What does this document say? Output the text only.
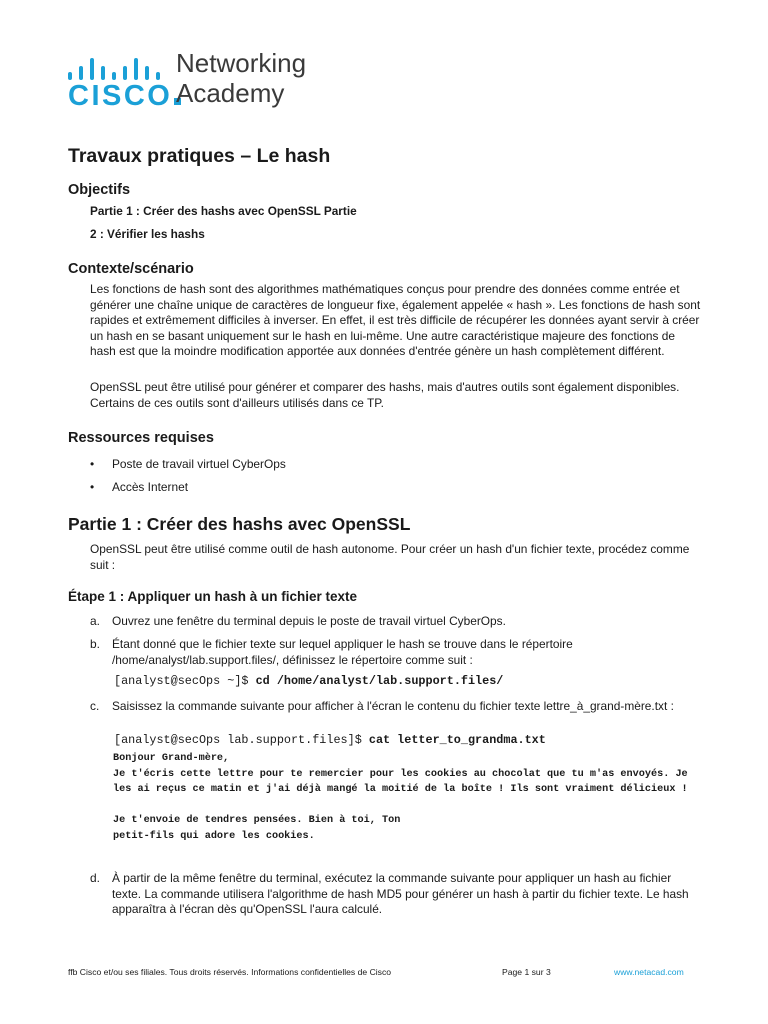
CISCO
Networking
Academy
Travaux pratiques – Le hash
Objectifs
Partie 1 : Créer des hashs avec OpenSSL Partie
2 : Vérifier les hashs
Contexte/scénario

Les fonctions de hash sont des algorithmes mathématiques conçus pour prendre des données comme entrée et générer une chaîne unique de caractères de longueur fixe, également appelée « hash ». Les fonctions de hash sont rapides et extrêmement difficiles à inverser. En effet, il est très difficile de récupérer les données ayant servir à créer un hash en se basant uniquement sur le hash en lui-même. Une autre caractéristique majeure des fonctions de hash est que la moindre modification apportée aux données d'entrée génère un hash complètement différent.

OpenSSL peut être utilisé pour générer et comparer des hashs, mais d'autres outils sont également disponibles. Certains de ces outils sont d'ailleurs utilisés dans ce TP.

Ressources requises
• Poste de travail virtuel CyberOps
• Accès Internet
Partie 1 : Créer des hashs avec OpenSSL

OpenSSL peut être utilisé comme outil de hash autonome. Pour créer un hash d'un fichier texte, procédez comme suit :

Étape 1 : Appliquer un hash à un fichier texte
a. Ouvrez une fenêtre du terminal depuis le poste de travail virtuel CyberOps.
b. Étant donné que le fichier texte sur lequel appliquer le hash se trouve dans le répertoire /home/analyst/lab.support.files/, définissez le répertoire comme suit :
[analyst@secOps ~]$ cd /home/analyst/lab.support.files/
c. Saisissez la commande suivante pour afficher à l'écran le contenu du fichier texte lettre_à_grand-mère.txt :
[analyst@secOps lab.support.files]$ cat letter_to_grandma.txt
Bonjour Grand-mère,
Je t'écris cette lettre pour te remercier pour les cookies au chocolat que tu m'as envoyés. Je les ai reçus ce matin et j'ai déjà mangé la moitié de la boîte ! Ils sont vraiment délicieux !

Je t'envoie de tendres pensées. Bien à toi, Ton
petit-fils qui adore les cookies.
d. À partir de la même fenêtre du terminal, exécutez la commande suivante pour appliquer un hash au fichier texte. La commande utilisera l'algorithme de hash MD5 pour générer un hash à partir du fichier texte. Le hash apparaîtra à l'écran dès qu'OpenSSL l'aura calculé.
ffb Cisco et/ou ses filiales. Tous droits réservés. Informations confidentielles de Cisco	Page 1 sur 3	www.netacad.com
